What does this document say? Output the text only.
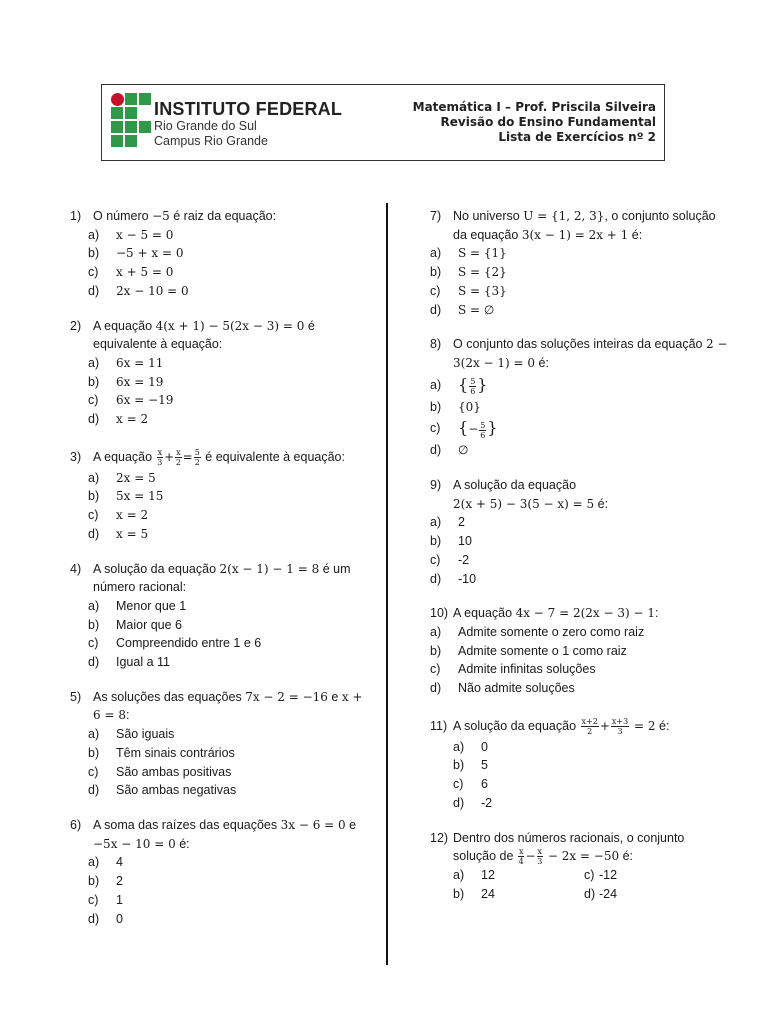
INSTITUTO FEDERAL
Rio Grande do Sul
Campus Rio Grande
Matemática I – Prof. Priscila Silveira
Revisão do Ensino Fundamental
Lista de Exercícios nº 2
1) O número −5 é raiz da equação:
a)	x − 5 = 0
b)	−5 + x = 0
c)	x + 5 = 0
d)	2x − 10 = 0
2) A equação 4(x + 1) − 5(2x − 3) = 0 é equivalente à equação:
a)	6x = 11
b)	6x = 19
c)	6x = −19
d)	x = 2
3) A equação $\frac{x}{3} + \frac{x}{2} = \frac{5}{2}$ é equivalente à equação:
a)	2x = 5
b)	5x = 15
c)	x = 2
d)	x = 5
4) A solução da equação 2(x − 1) − 1 = 8 é um número racional:
a)	Menor que 1
b)	Maior que 6
c)	Compreendido entre 1 e 6
d)	Igual a 11
5) As soluções das equações 7x − 2 = −16 e x + 6 = 8:
a)	São iguais
b)	Têm sinais contrários
c)	São ambas positivas
d)	São ambas negativas
6) A soma das raízes das equações 3x − 6 = 0 e −5x − 10 = 0 é:
a)	4
b)	2
c)	1
d)	0
7) No universo U = {1, 2, 3}, o conjunto solução da equação 3(x − 1) = 2x + 1 é:
a)	S = {1}
b)	S = {2}
c)	S = {3}
d)	S = ∅
8) O conjunto das soluções inteiras da equação 2 − 3(2x − 1) = 0 é:
a)	{ $\frac{5}{6}$ }
b)	{0}
c)	{− $\frac{5}{6}$ }
d)	∅
9) A solução da equação
2(x + 5) − 3(5 − x) = 5 é:
a)	2
b)	10
c)	-2
d)	-10
10) A equação 4x − 7 = 2(2x − 3) − 1:
a)	Admite somente o zero como raiz
b)	Admite somente o 1 como raiz
c)	Admite infinitas soluções
d)	Não admite soluções
11) A solução da equação $\frac{x+2}{2} + \frac{x+3}{3} = 2$ é:
a)	0
b)	5
c)	6
d)	-2
12) Dentro dos números racionais, o conjunto solução de $\frac{x}{4} - \frac{x}{3} - 2x = -50$ é:
a)	12	c) -12
b)	24	d) -24
